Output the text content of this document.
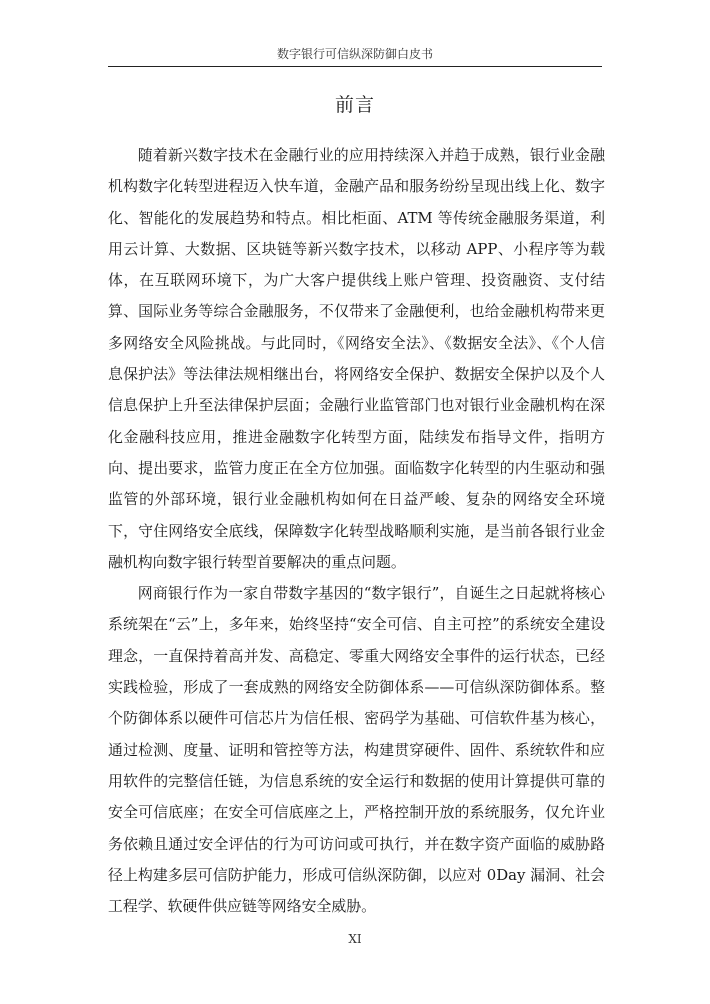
数字银行可信纵深防御白皮书
前言

随着新兴数字技术在金融行业的应用持续深入并趋于成熟，银行业金融机构数字化转型进程迈入快车道，金融产品和服务纷纷呈现出线上化、数字化、智能化的发展趋势和特点。相比柜面、ATM 等传统金融服务渠道，利用云计算、大数据、区块链等新兴数字技术，以移动 APP、小程序等为载体，在互联网环境下，为广大客户提供线上账户管理、投资融资、支付结算、国际业务等综合金融服务，不仅带来了金融便利，也给金融机构带来更多网络安全风险挑战。与此同时，《网络安全法》、《数据安全法》、《个人信息保护法》等法律法规相继出台，将网络安全保护、数据安全保护以及个人信息保护上升至法律保护层面；金融行业监管部门也对银行业金融机构在深化金融科技应用，推进金融数字化转型方面，陆续发布指导文件，指明方向、提出要求，监管力度正在全方位加强。面临数字化转型的内生驱动和强监管的外部环境，银行业金融机构如何在日益严峻、复杂的网络安全环境下，守住网络安全底线，保障数字化转型战略顺利实施，是当前各银行业金融机构向数字银行转型首要解决的重点问题。

网商银行作为一家自带数字基因的“数字银行”，自诞生之日起就将核心系统架在“云”上，多年来，始终坚持“安全可信、自主可控”的系统安全建设理念，一直保持着高并发、高稳定、零重大网络安全事件的运行状态，已经实践检验，形成了一套成熟的网络安全防御体系——可信纵深防御体系。整个防御体系以硬件可信芯片为信任根、密码学为基础、可信软件基为核心，通过检测、度量、证明和管控等方法，构建贯穿硬件、固件、系统软件和应用软件的完整信任链，为信息系统的安全运行和数据的使用计算提供可靠的安全可信底座；在安全可信底座之上，严格控制开放的系统服务，仅允许业务依赖且通过安全评估的行为可访问或可执行，并在数字资产面临的威胁路径上构建多层可信防护能力，形成可信纵深防御，以应对 0Day 漏洞、社会工程学、软硬件供应链等网络安全威胁。

XI
